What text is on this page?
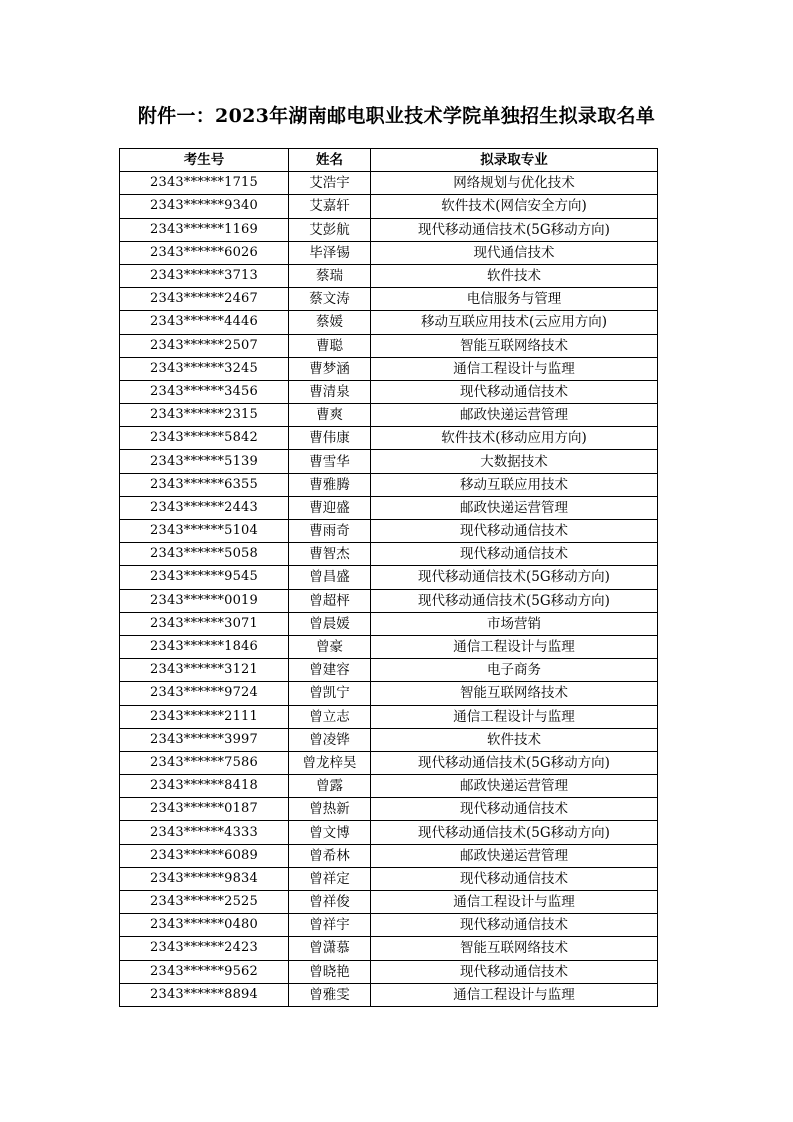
附件一：2023年湖南邮电职业技术学院单独招生拟录取名单
考生号	姓名	拟录取专业
2343******1715	艾浩宇	网络规划与优化技术
2343******9340	艾嘉轩	软件技术(网信安全方向)
2343******1169	艾彭航	现代移动通信技术(5G移动方向)
2343******6026	毕泽锡	现代通信技术
2343******3713	蔡瑞	软件技术
2343******2467	蔡文涛	电信服务与管理
2343******4446	蔡媛	移动互联应用技术(云应用方向)
2343******2507	曹聪	智能互联网络技术
2343******3245	曹梦涵	通信工程设计与监理
2343******3456	曹清泉	现代移动通信技术
2343******2315	曹爽	邮政快递运营管理
2343******5842	曹伟康	软件技术(移动应用方向)
2343******5139	曹雪华	大数据技术
2343******6355	曹雅腾	移动互联应用技术
2343******2443	曹迎盛	邮政快递运营管理
2343******5104	曹雨奇	现代移动通信技术
2343******5058	曹智杰	现代移动通信技术
2343******9545	曾昌盛	现代移动通信技术(5G移动方向)
2343******0019	曾超枰	现代移动通信技术(5G移动方向)
2343******3071	曾晨媛	市场营销
2343******1846	曾豪	通信工程设计与监理
2343******3121	曾建容	电子商务
2343******9724	曾凯宁	智能互联网络技术
2343******2111	曾立志	通信工程设计与监理
2343******3997	曾凌铧	软件技术
2343******7586	曾龙梓昊	现代移动通信技术(5G移动方向)
2343******8418	曾露	邮政快递运营管理
2343******0187	曾热新	现代移动通信技术
2343******4333	曾文博	现代移动通信技术(5G移动方向)
2343******6089	曾希林	邮政快递运营管理
2343******9834	曾祥定	现代移动通信技术
2343******2525	曾祥俊	通信工程设计与监理
2343******0480	曾祥宇	现代移动通信技术
2343******2423	曾潇慕	智能互联网络技术
2343******9562	曾晓艳	现代移动通信技术
2343******8894	曾雅雯	通信工程设计与监理
